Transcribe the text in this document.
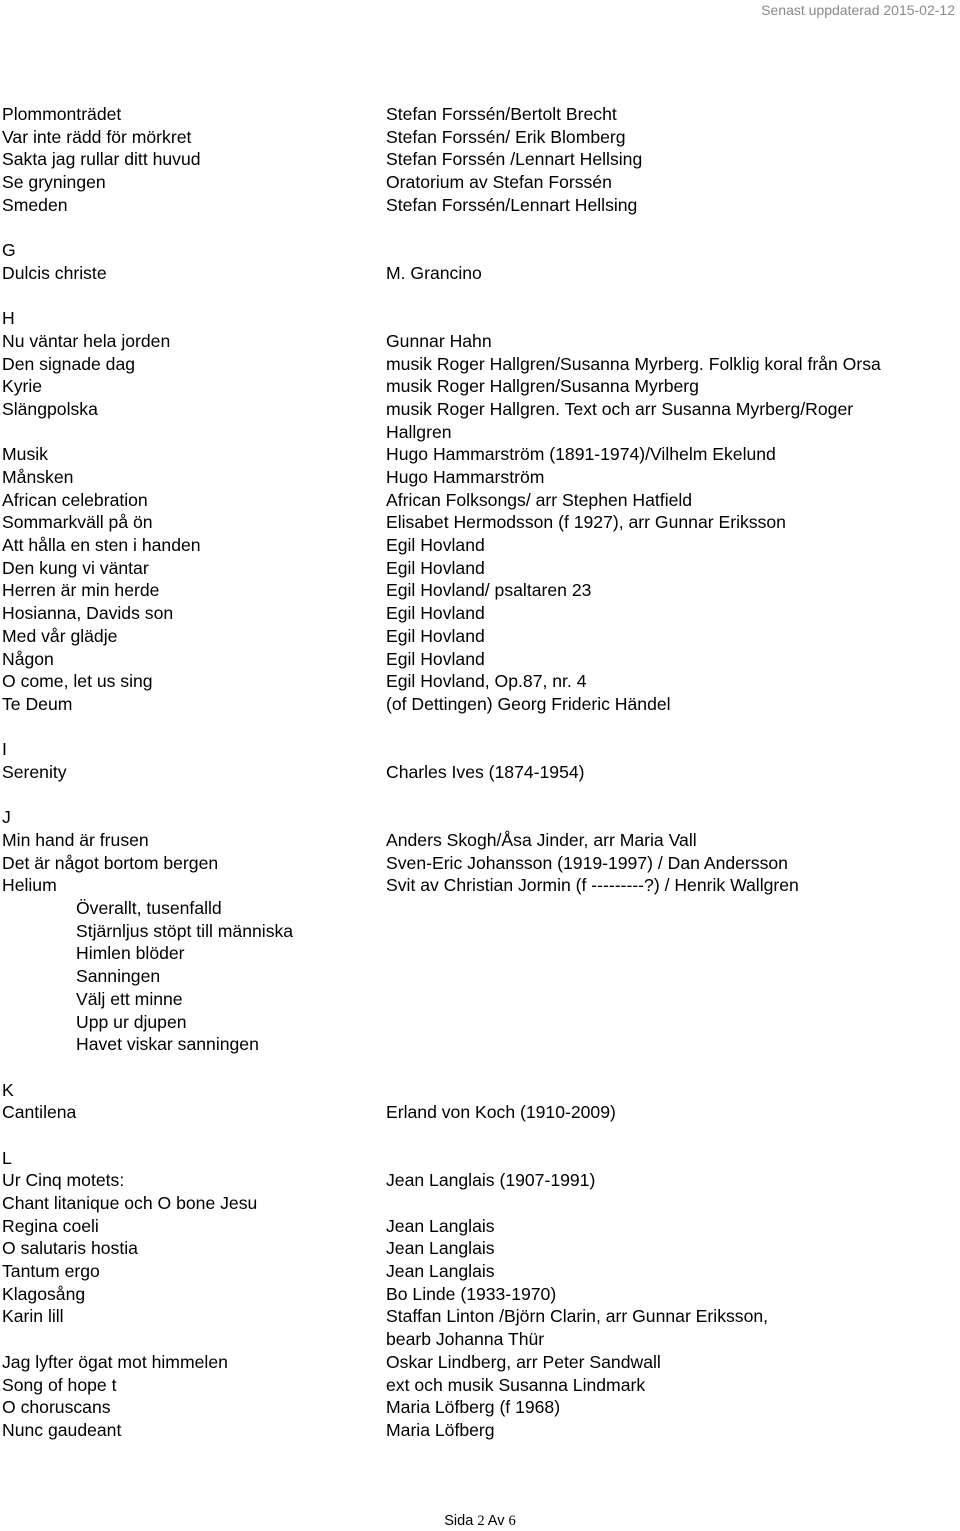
Senast uppdaterad 2015-02-12
Plommonträdet	Stefan Forssén/Bertolt Brecht
Var inte rädd för mörkret	Stefan Forssén/ Erik Blomberg
Sakta jag rullar ditt huvud	Stefan Forssén /Lennart Hellsing
Se gryningen	Oratorium av Stefan Forssén
Smeden	Stefan Forssén/Lennart Hellsing
G
Dulcis christe	M. Grancino
H
Nu väntar hela jorden	Gunnar Hahn
Den signade dag	musik Roger Hallgren/Susanna Myrberg. Folklig koral från Orsa
Kyrie	musik Roger Hallgren/Susanna Myrberg
Slängpolska	musik Roger Hallgren. Text och arr Susanna Myrberg/Roger
Hallgren
Musik	Hugo Hammarström (1891-1974)/Vilhelm Ekelund
Månsken	Hugo Hammarström
African celebration	African Folksongs/ arr Stephen Hatfield
Sommarkväll på ön	Elisabet Hermodsson (f 1927), arr Gunnar Eriksson
Att hålla en sten i handen	Egil Hovland
Den kung vi väntar	Egil Hovland
Herren är min herde	Egil Hovland/ psaltaren 23
Hosianna, Davids son	Egil Hovland
Med vår glädje	Egil Hovland
Någon	Egil Hovland
O come, let us sing	Egil Hovland, Op.87, nr. 4
Te Deum	(of Dettingen) Georg Frideric Händel
I
Serenity	Charles Ives (1874-1954)
J
Min hand är frusen	Anders Skogh/Åsa Jinder, arr Maria Vall
Det är något bortom bergen	Sven-Eric Johansson (1919-1997) / Dan Andersson
Helium	Svit av Christian Jormin (f ---------?) / Henrik Wallgren
Överallt, tusenfalld
Stjärnljus stöpt till människa
Himlen blöder
Sanningen
Välj ett minne
Upp ur djupen
Havet viskar sanningen
K
Cantilena	Erland von Koch (1910-2009)
L
Ur Cinq motets:	Jean Langlais (1907-1991)
Chant litanique och O bone Jesu
Regina coeli	Jean Langlais
O salutaris hostia	Jean Langlais
Tantum ergo	Jean Langlais
Klagosång	Bo Linde (1933-1970)
Karin lill	Staffan Linton /Björn Clarin, arr Gunnar Eriksson,
bearb Johanna Thür
Jag lyfter ögat mot himmelen	Oskar Lindberg, arr Peter Sandwall
Song of hope t	ext och musik Susanna Lindmark
O choruscans	Maria Löfberg (f 1968)
Nunc gaudeant	Maria Löfberg
Sida 2 Av 6
